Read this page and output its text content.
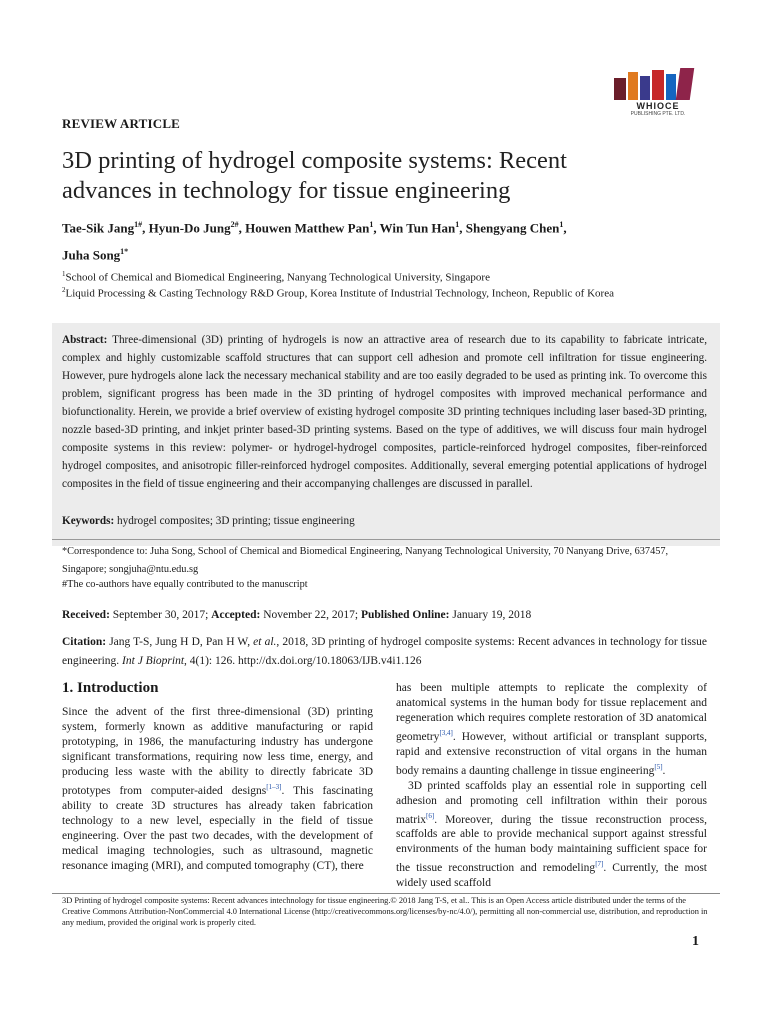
WHIOCE
PUBLISHING PTE. LTD.
REVIEW ARTICLE
3D printing of hydrogel composite systems: Recent
advances in technology for tissue engineering
Tae-Sik Jang$^{1\#}$, Hyun-Do Jung$^{2\#}$, Houwen Matthew Pan$^1$, Win Tun Han$^1$, Shengyang Chen$^1$,
Juha Song$^{1*}$
$^1$School of Chemical and Biomedical Engineering, Nanyang Technological University, Singapore
$^2$Liquid Processing & Casting Technology R&D Group, Korea Institute of Industrial Technology, Incheon, Republic of Korea
Abstract: Three-dimensional (3D) printing of hydrogels is now an attractive area of research due to its capability to fabricate intricate, complex and highly customizable scaffold structures that can support cell adhesion and promote cell infiltration for tissue engineering. However, pure hydrogels alone lack the necessary mechanical stability and are too easily degraded to be used as printing ink. To overcome this problem, significant progress has been made in the 3D printing of hydrogel composites with improved mechanical performance and biofunctionality. Herein, we provide a brief overview of existing hydrogel composite 3D printing techniques including laser based-3D printing, nozzle based-3D printing, and inkjet printer based-3D printing systems. Based on the type of additives, we will discuss four main hydrogel composite systems in this review: polymer- or hydrogel-hydrogel composites, particle-reinforced hydrogel composites, fiber-reinforced hydrogel composites, and anisotropic filler-reinforced hydrogel composites. Additionally, several emerging potential applications of hydrogel composites in the field of tissue engineering and their accompanying challenges are discussed in parallel.
Keywords: hydrogel composites; 3D printing; tissue engineering
*Correspondence to: Juha Song, School of Chemical and Biomedical Engineering, Nanyang Technological University, 70 Nanyang Drive, 637457, Singapore; songjuha@ntu.edu.sg
#The co-authors have equally contributed to the manuscript
Received: September 30, 2017; Accepted: November 22, 2017; Published Online: January 19, 2018
Citation: Jang T-S, Jung H D, Pan H W, et al., 2018, 3D printing of hydrogel composite systems: Recent advances in technology for tissue engineering. Int J Bioprint, 4(1): 126. http://dx.doi.org/10.18063/IJB.v4i1.126
1. Introduction

Since the advent of the first three-dimensional (3D) printing system, formerly known as additive manufacturing or rapid prototyping, in 1986, the manufacturing industry has undergone significant transformations, requiring now less time, energy, and producing less waste with the ability to directly fabricate 3D prototypes from computer-aided designs[1–3]. This fascinating ability to create 3D structures has already taken fabrication technology to a new level, especially in the field of tissue engineering. Over the past two decades, with the development of medical imaging technologies, such as ultrasound, magnetic resonance imaging (MRI), and computed tomography (CT), there

has been multiple attempts to replicate the complexity of anatomical systems in the human body for tissue replacement and regeneration which requires complete restoration of 3D anatomical geometry[3,4]. However, without artificial or transplant supports, rapid and extensive reconstruction of vital organs in the human body remains a daunting challenge in tissue engineering[5].

3D printed scaffolds play an essential role in supporting cell adhesion and promoting cell infiltration within their porous matrix[6]. Moreover, during the tissue reconstruction process, scaffolds are able to provide mechanical support against stressful environments of the human body maintaining sufficient space for the tissue reconstruction and remodeling[7]. Currently, the most widely used scaffold

3D Printing of hydrogel composite systems: Recent advances intechnology for tissue engineering.© 2018 Jang T-S, et al.. This is an Open Access article distributed under the terms of the Creative Commons Attribution-NonCommercial 4.0 International License (http://creativecommons.org/licenses/by-nc/4.0/), permitting all non-commercial use, distribution, and reproduction in any medium, provided the original work is properly cited.
1
